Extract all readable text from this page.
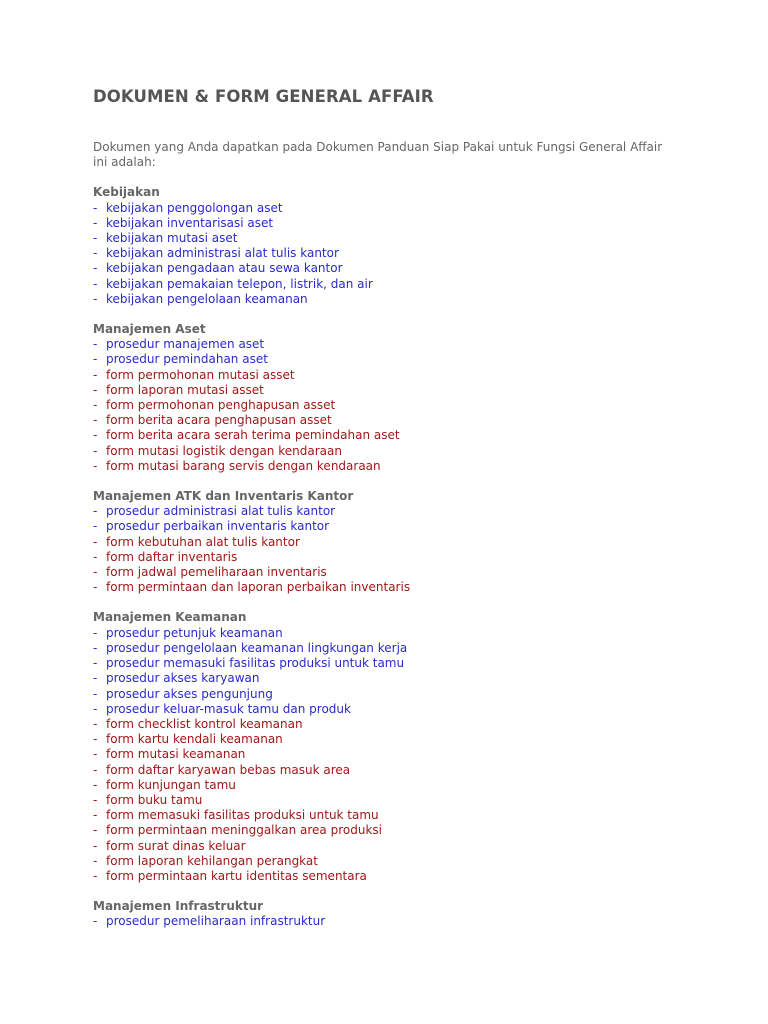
DOKUMEN & FORM GENERAL AFFAIR

Dokumen yang Anda dapatkan pada Dokumen Panduan Siap Pakai untuk Fungsi General Affair ini adalah:

Kebijakan
- kebijakan penggolongan aset
- kebijakan inventarisasi aset
- kebijakan mutasi aset
- kebijakan administrasi alat tulis kantor
- kebijakan pengadaan atau sewa kantor
- kebijakan pemakaian telepon, listrik, dan air
- kebijakan pengelolaan keamanan
Manajemen Aset
- prosedur manajemen aset
- prosedur pemindahan aset
- form permohonan mutasi asset
- form laporan mutasi asset
- form permohonan penghapusan asset
- form berita acara penghapusan asset
- form berita acara serah terima pemindahan aset
- form mutasi logistik dengan kendaraan
- form mutasi barang servis dengan kendaraan
Manajemen ATK dan Inventaris Kantor
- prosedur administrasi alat tulis kantor
- prosedur perbaikan inventaris kantor
- form kebutuhan alat tulis kantor
- form daftar inventaris
- form jadwal pemeliharaan inventaris
- form permintaan dan laporan perbaikan inventaris
Manajemen Keamanan
- prosedur petunjuk keamanan
- prosedur pengelolaan keamanan lingkungan kerja
- prosedur memasuki fasilitas produksi untuk tamu
- prosedur akses karyawan
- prosedur akses pengunjung
- prosedur keluar-masuk tamu dan produk
- form checklist kontrol keamanan
- form kartu kendali keamanan
- form mutasi keamanan
- form daftar karyawan bebas masuk area
- form kunjungan tamu
- form buku tamu
- form memasuki fasilitas produksi untuk tamu
- form permintaan meninggalkan area produksi
- form surat dinas keluar
- form laporan kehilangan perangkat
- form permintaan kartu identitas sementara
Manajemen Infrastruktur
- prosedur pemeliharaan infrastruktur
